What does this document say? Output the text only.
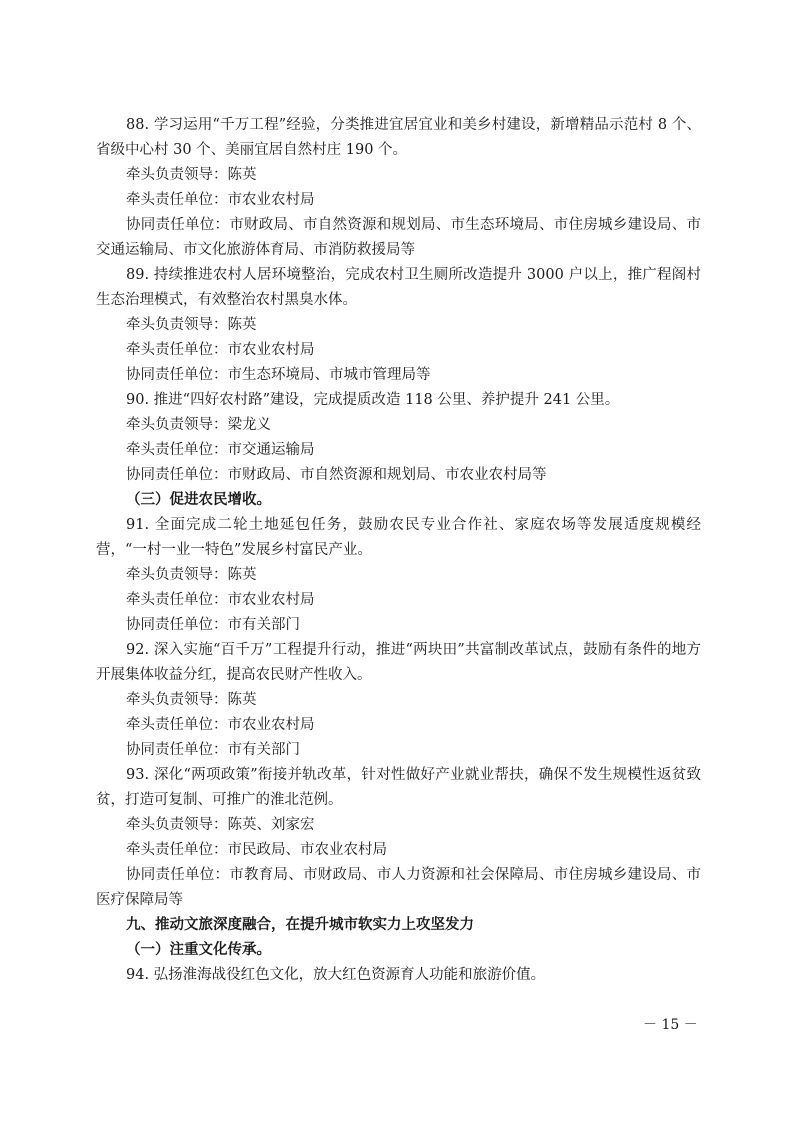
88. 学习运用“千万工程”经验，分类推进宜居宜业和美乡村建设，新增精品示范村 8 个、省级中心村 30 个、美丽宜居自然村庄 190 个。

牵头负责领导：陈英

牵头责任单位：市农业农村局

协同责任单位：市财政局、市自然资源和规划局、市生态环境局、市住房城乡建设局、市交通运输局、市文化旅游体育局、市消防救援局等

89. 持续推进农村人居环境整治，完成农村卫生厕所改造提升 3000 户以上，推广程阁村生态治理模式，有效整治农村黑臭水体。

牵头负责领导：陈英

牵头责任单位：市农业农村局

协同责任单位：市生态环境局、市城市管理局等

90. 推进“四好农村路”建设，完成提质改造 118 公里、养护提升 241 公里。

牵头负责领导：梁龙义

牵头责任单位：市交通运输局

协同责任单位：市财政局、市自然资源和规划局、市农业农村局等

（三）促进农民增收。

91. 全面完成二轮土地延包任务，鼓励农民专业合作社、家庭农场等发展适度规模经营，“一村一业一特色”发展乡村富民产业。

牵头负责领导：陈英

牵头责任单位：市农业农村局

协同责任单位：市有关部门

92. 深入实施“百千万”工程提升行动，推进“两块田”共富制改革试点，鼓励有条件的地方开展集体收益分红，提高农民财产性收入。

牵头负责领导：陈英

牵头责任单位：市农业农村局

协同责任单位：市有关部门

93. 深化“两项政策”衔接并轨改革，针对性做好产业就业帮扶，确保不发生规模性返贫致贫，打造可复制、可推广的淮北范例。

牵头负责领导：陈英、刘家宏

牵头责任单位：市民政局、市农业农村局

协同责任单位：市教育局、市财政局、市人力资源和社会保障局、市住房城乡建设局、市医疗保障局等

九、推动文旅深度融合，在提升城市软实力上攻坚发力

（一）注重文化传承。

94. 弘扬淮海战役红色文化，放大红色资源育人功能和旅游价值。

－ 15 －
